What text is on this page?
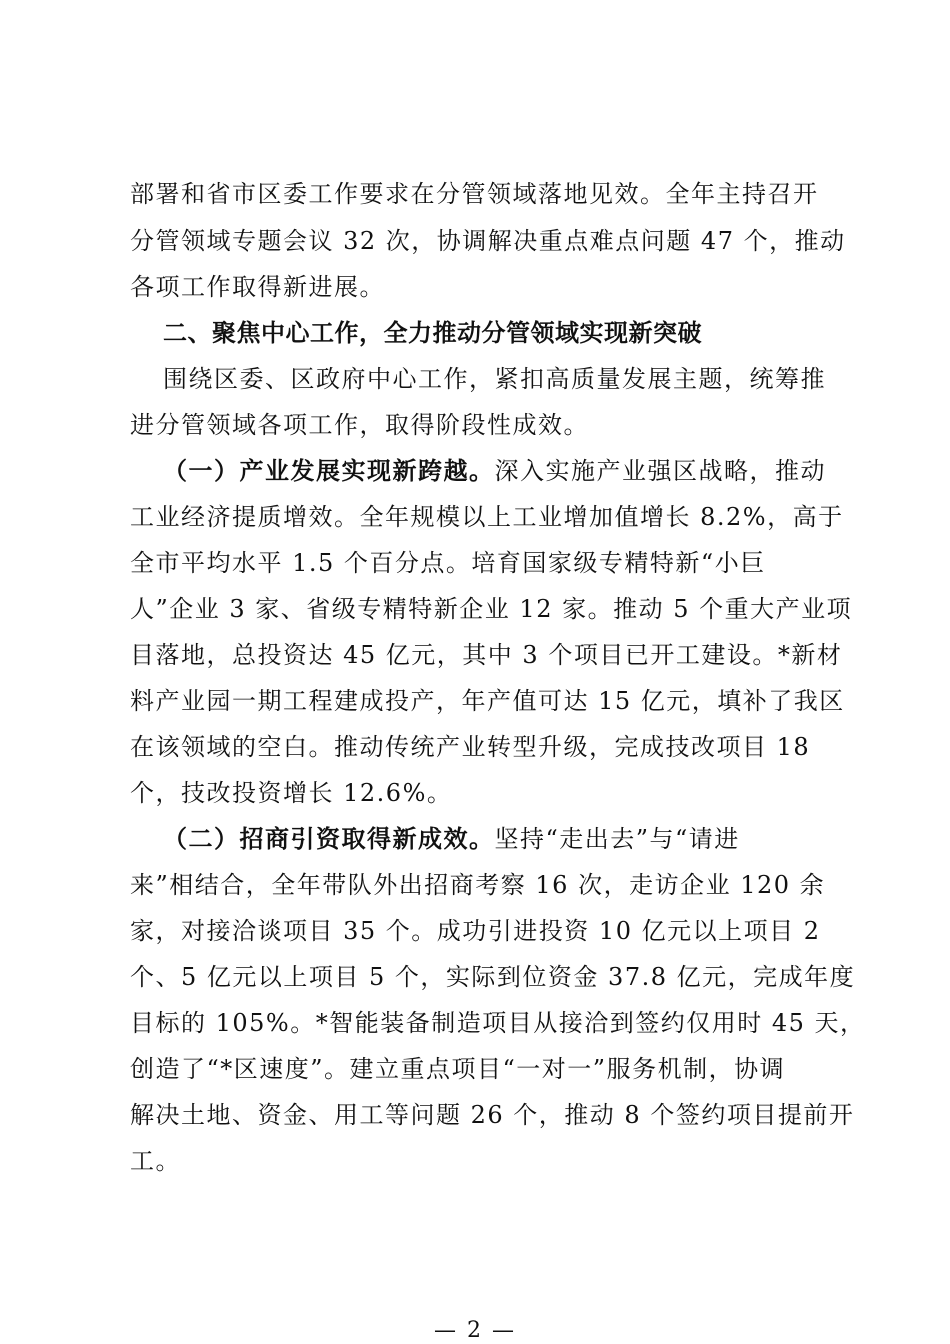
部署和省市区委工作要求在分管领域落地见效。全年主持召开
分管领域专题会议 32 次，协调解决重点难点问题 47 个，推动
各项工作取得新进展。
二、聚焦中心工作，全力推动分管领域实现新突破
围绕区委、区政府中心工作，紧扣高质量发展主题，统筹推
进分管领域各项工作，取得阶段性成效。
（一）产业发展实现新跨越。深入实施产业强区战略，推动
工业经济提质增效。全年规模以上工业增加值增长 8.2%，高于
全市平均水平 1.5 个百分点。培育国家级专精特新“小巨
人”企业 3 家、省级专精特新企业 12 家。推动 5 个重大产业项
目落地，总投资达 45 亿元，其中 3 个项目已开工建设。*新材
料产业园一期工程建成投产，年产值可达 15 亿元，填补了我区
在该领域的空白。推动传统产业转型升级，完成技改项目 18
个，技改投资增长 12.6%。
（二）招商引资取得新成效。坚持“走出去”与“请进
来”相结合，全年带队外出招商考察 16 次，走访企业 120 余
家，对接洽谈项目 35 个。成功引进投资 10 亿元以上项目 2
个、5 亿元以上项目 5 个，实际到位资金 37.8 亿元，完成年度
目标的 105%。*智能装备制造项目从接洽到签约仅用时 45 天，
创造了“*区速度”。建立重点项目“一对一”服务机制，协调
解决土地、资金、用工等问题 26 个，推动 8 个签约项目提前开
工。
— 2 —
